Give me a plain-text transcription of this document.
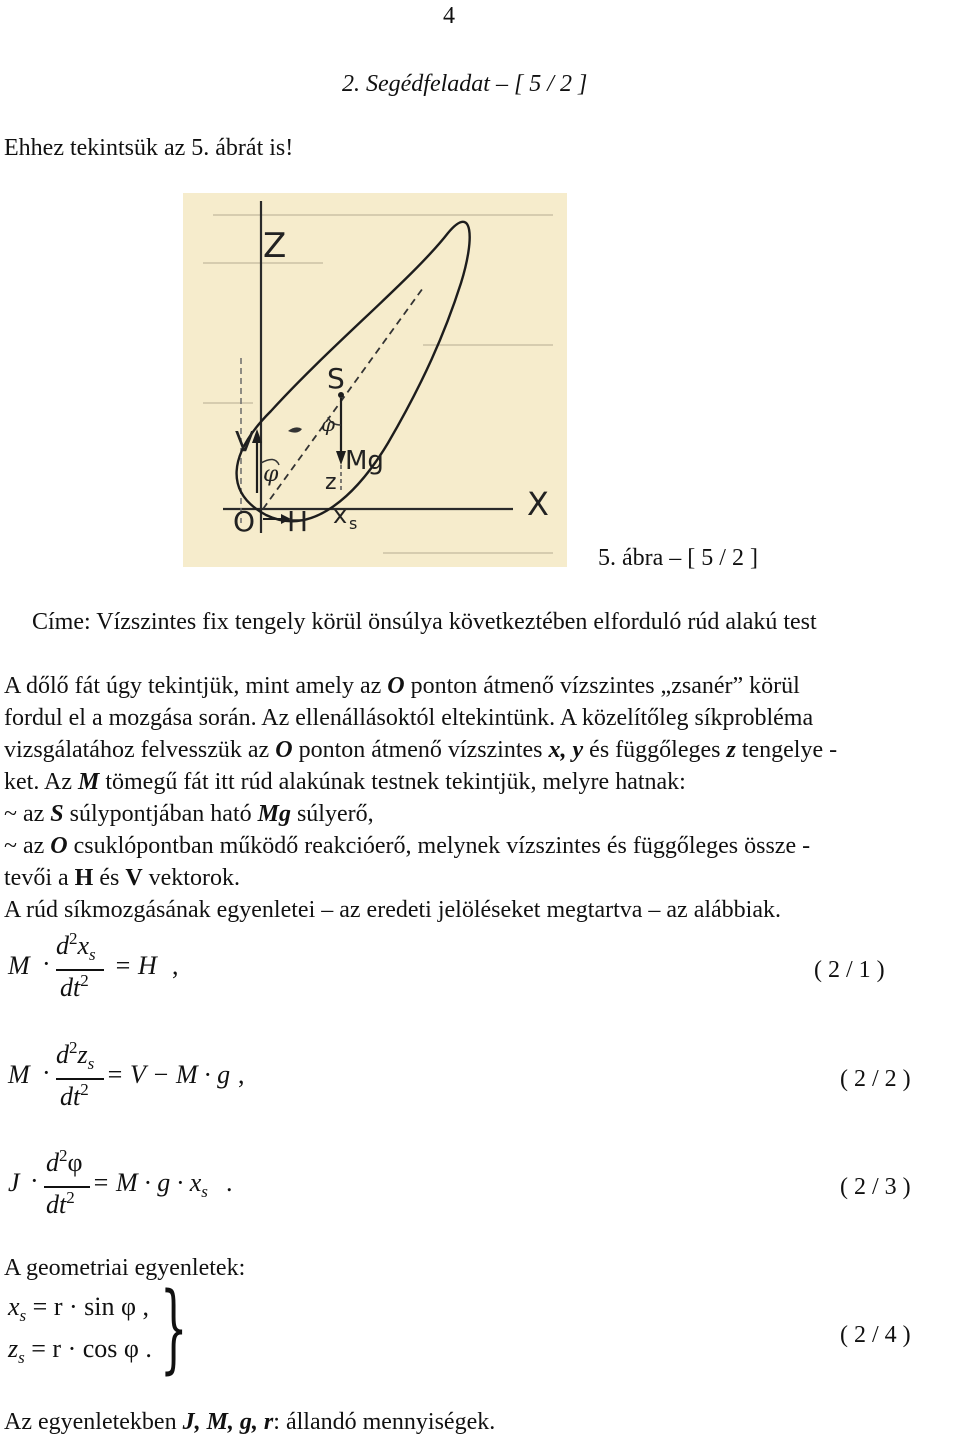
4
2. Segédfeladat – [ 5 / 2 ]
Ehhez tekintsük az 5. ábrát is!
Z
X
O H
V
S
Mg
φ
φ
z
x s
5. ábra – [ 5 / 2 ]
Címe: Vízszintes fix tengely körül önsúlya következtében elforduló rúd alakú test
A dőlő fát úgy tekintjük, mint amely az O ponton átmenő vízszintes „zsanér” körül
fordul el a mozgása során. Az ellenállásoktól eltekintünk. A közelítőleg síkprobléma
vizsgálatához felvesszük az O ponton átmenő vízszintes x, y és függőleges z tengelye -
ket. Az M tömegű fát itt rúd alakúnak testnek tekintjük, melyre hatnak:
~ az S súlypontjában ható Mg súlyerő,
~ az O csuklópontban működő reakcióerő, melynek vízszintes és függőleges össze -
tevői a H és V vektorok.
A rúd síkmozgásának egyenletei – az eredeti jelöléseket megtartva – az alábbiak.
M ·
$d^2x_s$
$dt^2$
= H ,	( 2 / 1 )
M ·
$d^2z_s$
$dt^2$
= V − M · g ,	( 2 / 2 )
J ·
$d^2\varphi$
$dt^2$
= $M \cdot g \cdot x_s$ .	( 2 / 3 )
A geometriai egyenletek:
$x_s = r \cdot \sin \varphi$ ,
$z_s = r \cdot \cos \varphi$ . }	( 2 / 4 )
Az egyenletekben J, M, g, r: állandó mennyiségek.
